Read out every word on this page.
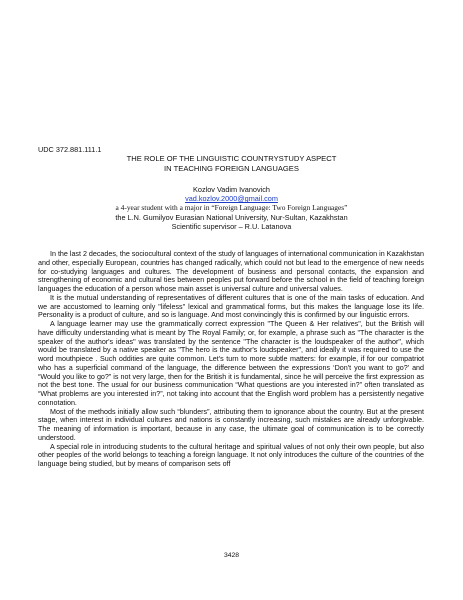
UDC 372.881.111.1

THE ROLE OF THE LINGUISTIC COUNTRYSTUDY ASPECT
IN TEACHING FOREIGN LANGUAGES
Kozlov Vadim Ivanovich
vad.kozlov.2000@gmail.com
a 4-year student with a major in “Foreign Language: Two Foreign Languages”
the L.N. Gumilyov Eurasian National University, Nur-Sultan, Kazakhstan
Scientific supervisor – R.U. Latanova

In the last 2 decades, the sociocultural context of the study of languages of international communication in Kazakhstan and other, especially European, countries has changed radically, which could not but lead to the emergence of new needs for co-studying languages and cultures. The development of business and personal contacts, the expansion and strengthening of economic and cultural ties between peoples put forward before the school in the field of teaching foreign languages the education of a person whose main asset is universal culture and universal values.

It is the mutual understanding of representatives of different cultures that is one of the main tasks of education. And we are accustomed to learning only "lifeless" lexical and grammatical forms, but this makes the language lose its life. Personality is a product of culture, and so is language. And most convincingly this is confirmed by our linguistic errors.

A language learner may use the grammatically correct expression "The Queen & Her relatives", but the British will have difficulty understanding what is meant by The Royal Family; or, for example, a phrase such as "The character is the speaker of the author's ideas" was translated by the sentence "The character is the loudspeaker of the author", which would be translated by a native speaker as "The hero is the author's loudspeaker", and ideally it was required to use the word mouthpiece . Such oddities are quite common. Let's turn to more subtle matters: for example, if for our compatriot who has a superficial command of the language, the difference between the expressions ‘Don't you want to go?’ and “Would you like to go?” is not very large, then for the British it is fundamental, since he will perceive the first expression as not the best tone. The usual for our business communication “What questions are you interested in?” often translated as “What problems are you interested in?”, not taking into account that the English word problem has a persistently negative connotation.

Most of the methods initially allow such “blunders”, attributing them to ignorance about the country. But at the present stage, when interest in individual cultures and nations is constantly increasing, such mistakes are already unforgivable. The meaning of information is important, because in any case, the ultimate goal of communication is to be correctly understood.

A special role in introducing students to the cultural heritage and spiritual values of not only their own people, but also other peoples of the world belongs to teaching a foreign language. It not only introduces the culture of the countries of the language being studied, but by means of comparison sets off

3428
